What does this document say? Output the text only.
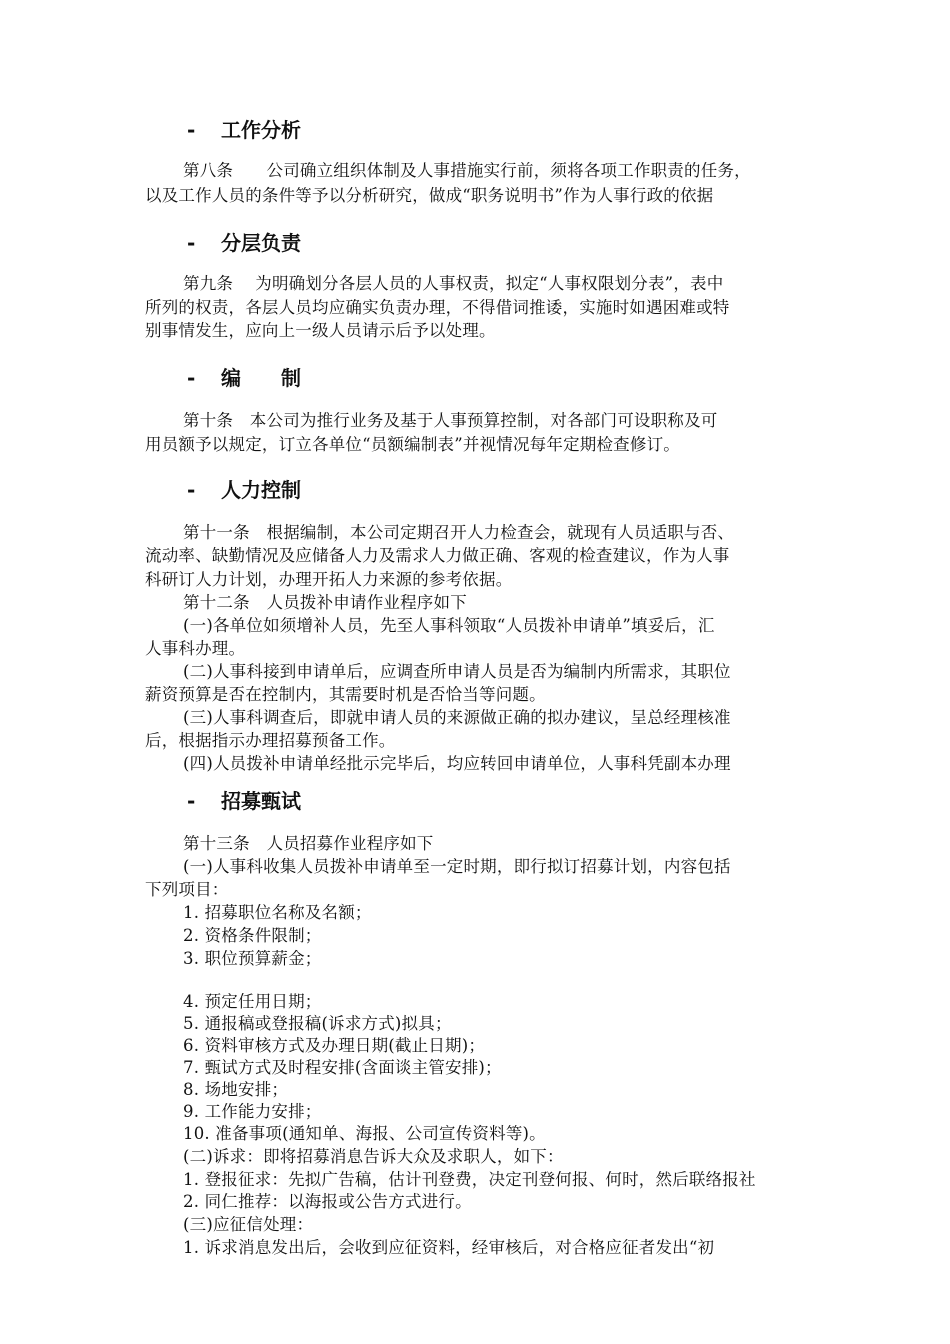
- 工作分析
第八条　　公司确立组织体制及人事措施实行前，须将各项工作职责的任务，
以及工作人员的条件等予以分析研究，做成“职务说明书”作为人事行政的依据
- 分层负责
第九条　 为明确划分各层人员的人事权责，拟定“人事权限划分表”，表中
所列的权责，各层人员均应确实负责办理，不得借词推诿，实施时如遇困难或特
别事情发生，应向上一级人员请示后予以处理。
- 编　　制
第十条　本公司为推行业务及基于人事预算控制，对各部门可设职称及可
用员额予以规定，订立各单位“员额编制表”并视情况每年定期检查修订。
- 人力控制
第十一条　根据编制，本公司定期召开人力检查会，就现有人员适职与否、
流动率、缺勤情况及应储备人力及需求人力做正确、客观的检查建议，作为人事
科研订人力计划，办理开拓人力来源的参考依据。
第十二条　人员拨补申请作业程序如下
(一)各单位如须增补人员，先至人事科领取“人员拨补申请单”填妥后，汇
人事科办理。
(二)人事科接到申请单后，应调查所申请人员是否为编制内所需求，其职位
薪资预算是否在控制内，其需要时机是否恰当等问题。
(三)人事科调查后，即就申请人员的来源做正确的拟办建议，呈总经理核准
后，根据指示办理招募预备工作。
(四)人员拨补申请单经批示完毕后，均应转回申请单位，人事科凭副本办理
- 招募甄试
第十三条　人员招募作业程序如下
(一)人事科收集人员拨补申请单至一定时期，即行拟订招募计划，内容包括
下列项目：
1. 招募职位名称及名额；
2. 资格条件限制；
3. 职位预算薪金；
4. 预定任用日期；
5. 通报稿或登报稿(诉求方式)拟具；
6. 资料审核方式及办理日期(截止日期)；
7. 甄试方式及时程安排(含面谈主管安排)；
8. 场地安排；
9. 工作能力安排；
10. 准备事项(通知单、海报、公司宣传资料等)。
(二)诉求：即将招募消息告诉大众及求职人，如下：
1. 登报征求：先拟广告稿，估计刊登费，决定刊登何报、何时，然后联络报社
2. 同仁推荐：以海报或公告方式进行。
(三)应征信处理：
1. 诉求消息发出后，会收到应征资料，经审核后，对合格应征者发出“初
